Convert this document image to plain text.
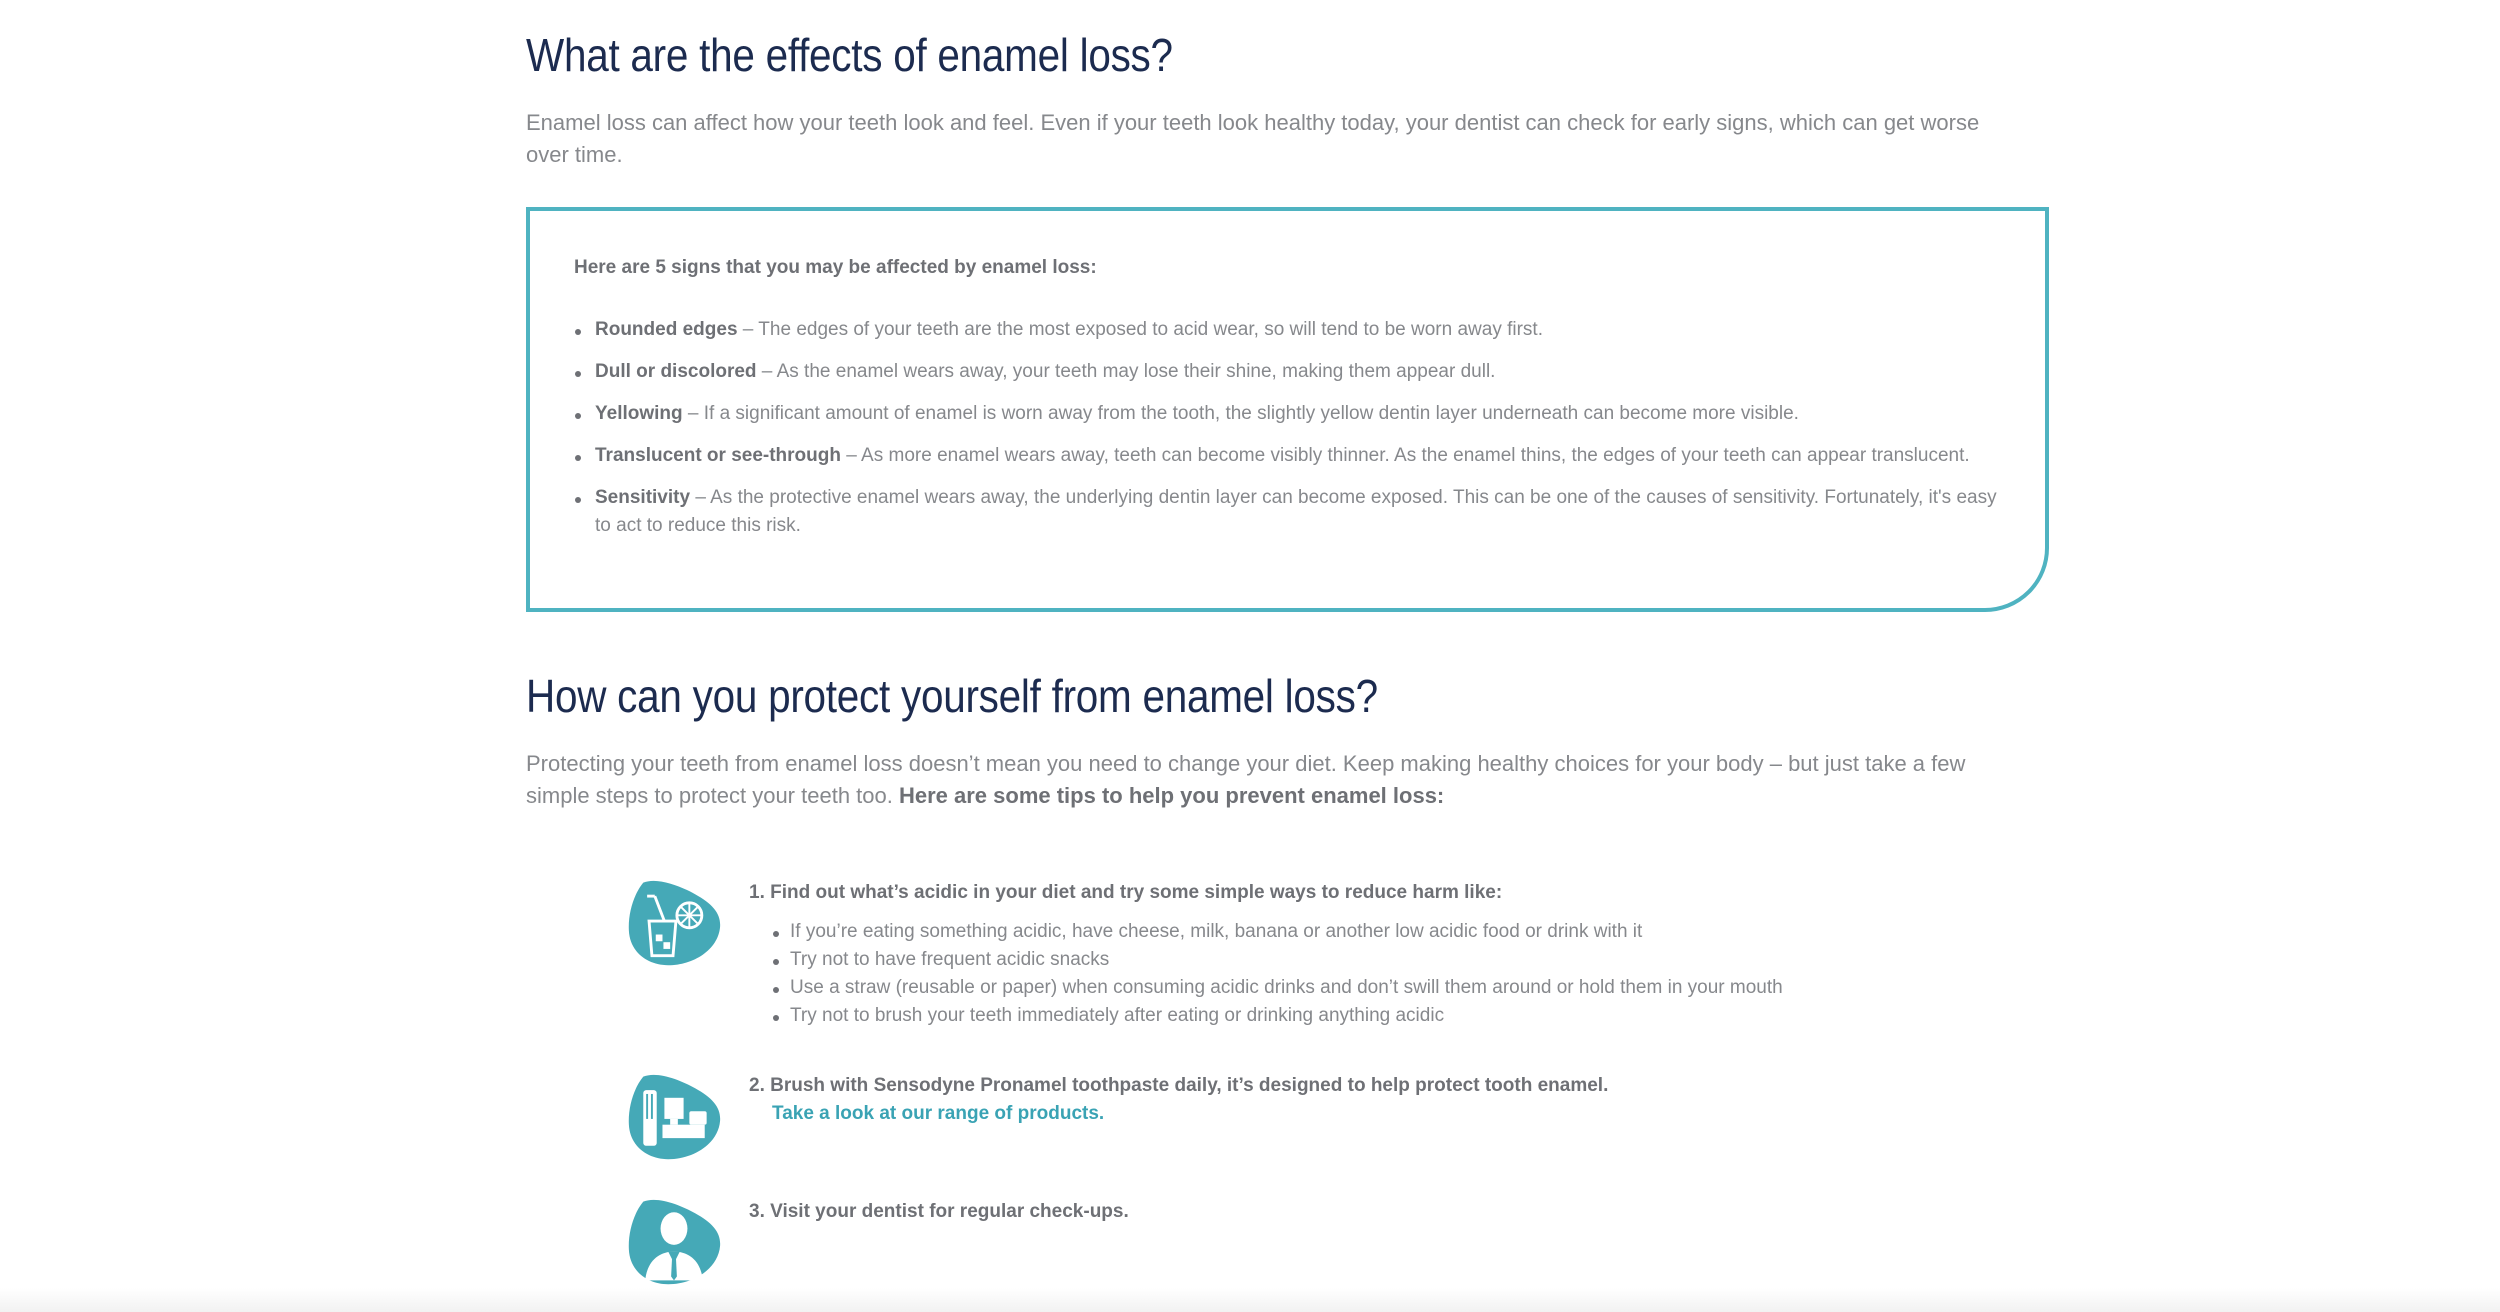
What are the effects of enamel loss?

Enamel loss can affect how your teeth look and feel. Even if your teeth look healthy today, your dentist can check for early signs, which can get worse over time.

Here are 5 signs that you may be affected by enamel loss:
Rounded edges – The edges of your teeth are the most exposed to acid wear, so will tend to be worn away first.
Dull or discolored – As the enamel wears away, your teeth may lose their shine, making them appear dull.
Yellowing – If a significant amount of enamel is worn away from the tooth, the slightly yellow dentin layer underneath can become more visible.
Translucent or see-through – As more enamel wears away, teeth can become visibly thinner. As the enamel thins, the edges of your teeth can appear translucent.
Sensitivity – As the protective enamel wears away, the underlying dentin layer can become exposed. This can be one of the causes of sensitivity. Fortunately, it's easy to act to reduce this risk.
How can you protect yourself from enamel loss?

Protecting your teeth from enamel loss doesn’t mean you need to change your diet. Keep making healthy choices for your body – but just take a few simple steps to protect your teeth too. Here are some tips to help you prevent enamel loss:

1. Find out what’s acidic in your diet and try some simple ways to reduce harm like:

If you’re eating something acidic, have cheese, milk, banana or another low acidic food or drink with it
Try not to have frequent acidic snacks
Use a straw (reusable or paper) when consuming acidic drinks and don’t swill them around or hold them in your mouth
Try not to brush your teeth immediately after eating or drinking anything acidic

2. Brush with Sensodyne Pronamel toothpaste daily, it’s designed to help protect tooth enamel.

Take a look at our range of products.

3. Visit your dentist for regular check-ups.
